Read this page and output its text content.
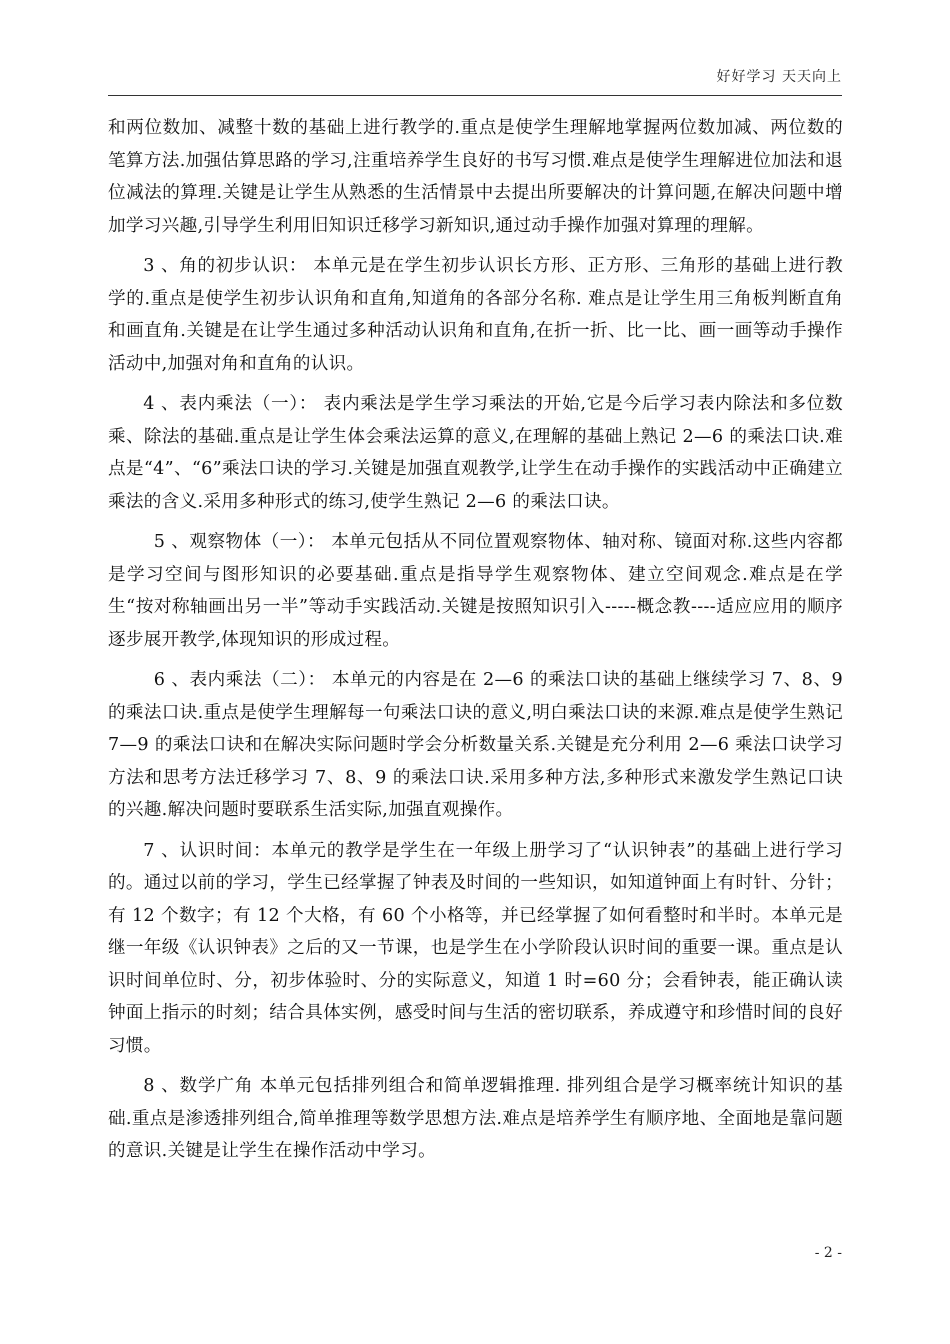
好好学习 天天向上

和两位数加、减整十数的基础上进行教学的.重点是使学生理解地掌握两位数加减、两位数的笔算方法.加强估算思路的学习,注重培养学生良好的书写习惯.难点是使学生理解进位加法和退位减法的算理.关键是让学生从熟悉的生活情景中去提出所要解决的计算问题,在解决问题中增加学习兴趣,引导学生利用旧知识迁移学习新知识,通过动手操作加强对算理的理解。

3 、角的初步认识： 本单元是在学生初步认识长方形、正方形、三角形的基础上进行教学的.重点是使学生初步认识角和直角,知道角的各部分名称. 难点是让学生用三角板判断直角和画直角.关键是在让学生通过多种活动认识角和直角,在折一折、比一比、画一画等动手操作活动中,加强对角和直角的认识。

4 、表内乘法（一）： 表内乘法是学生学习乘法的开始,它是今后学习表内除法和多位数乘、除法的基础.重点是让学生体会乘法运算的意义,在理解的基础上熟记 2—6 的乘法口诀.难点是“4”、“6”乘法口诀的学习.关键是加强直观教学,让学生在动手操作的实践活动中正确建立乘法的含义.采用多种形式的练习,使学生熟记 2—6 的乘法口诀。

5 、观察物体（一）： 本单元包括从不同位置观察物体、轴对称、镜面对称.这些内容都是学习空间与图形知识的必要基础.重点是指导学生观察物体、建立空间观念.难点是在学生“按对称轴画出另一半”等动手实践活动.关键是按照知识引入-----概念教----适应应用的顺序逐步展开教学,体现知识的形成过程。

6 、表内乘法（二）： 本单元的内容是在 2—6 的乘法口诀的基础上继续学习 7、8、9 的乘法口诀.重点是使学生理解每一句乘法口诀的意义,明白乘法口诀的来源.难点是使学生熟记 7—9 的乘法口诀和在解决实际问题时学会分析数量关系.关键是充分利用 2—6 乘法口诀学习方法和思考方法迁移学习 7、8、9 的乘法口诀.采用多种方法,多种形式来激发学生熟记口诀的兴趣.解决问题时要联系生活实际,加强直观操作。

7 、认识时间：本单元的教学是学生在一年级上册学习了“认识钟表”的基础上进行学习的。通过以前的学习，学生已经掌握了钟表及时间的一些知识，如知道钟面上有时针、分针；有 12 个数字；有 12 个大格，有 60 个小格等，并已经掌握了如何看整时和半时。本单元是继一年级《认识钟表》之后的又一节课，也是学生在小学阶段认识时间的重要一课。重点是认识时间单位时、分，初步体验时、分的实际意义，知道 1 时=60 分；会看钟表，能正确认读钟面上指示的时刻；结合具体实例，感受时间与生活的密切联系，养成遵守和珍惜时间的良好习惯。

8 、数学广角 本单元包括排列组合和简单逻辑推理. 排列组合是学习概率统计知识的基础.重点是渗透排列组合,简单推理等数学思想方法.难点是培养学生有顺序地、全面地是靠问题的意识.关键是让学生在操作活动中学习。

- 2 -
